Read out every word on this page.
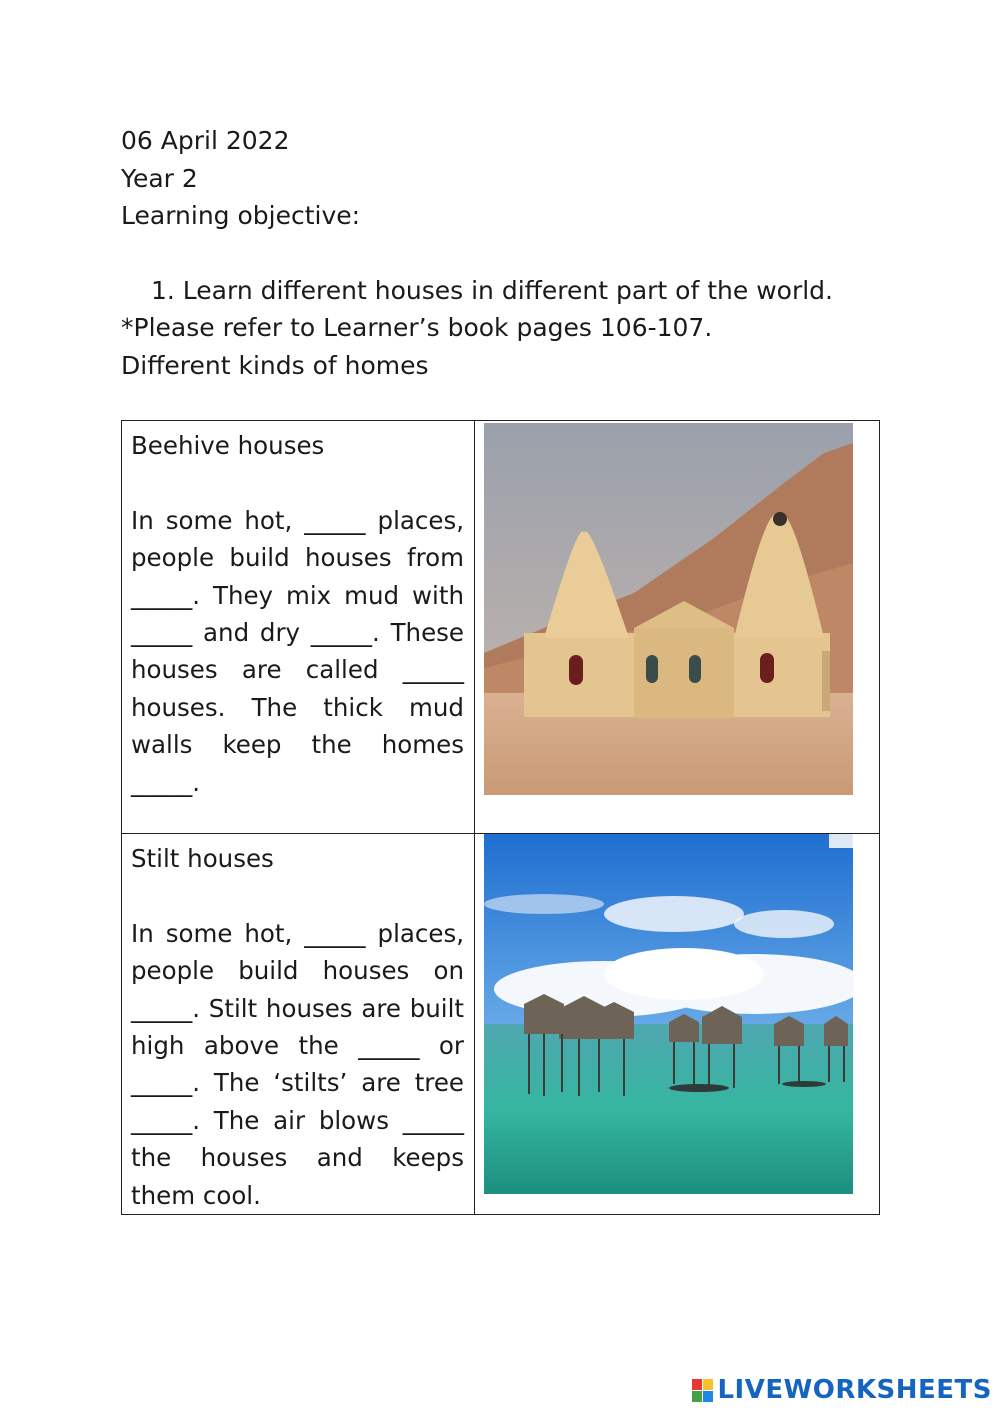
06 April 2022
Year 2
Learning objective:
1. Learn different houses in different part of the world.
*Please refer to Learner’s book pages 106-107.
Different kinds of homes
Beehive houses
In some hot, _____ places, people build houses from _____. They mix mud with _____ and dry _____. These houses are called _____ houses. The thick mud walls keep the homes _____.

Stilt houses
In some hot, _____ places, people build houses on _____. Stilt houses are built high above the _____ or _____. The ‘stilts’ are tree _____. The air blows _____ the houses and keeps them cool.

LIVEWORKSHEETS
